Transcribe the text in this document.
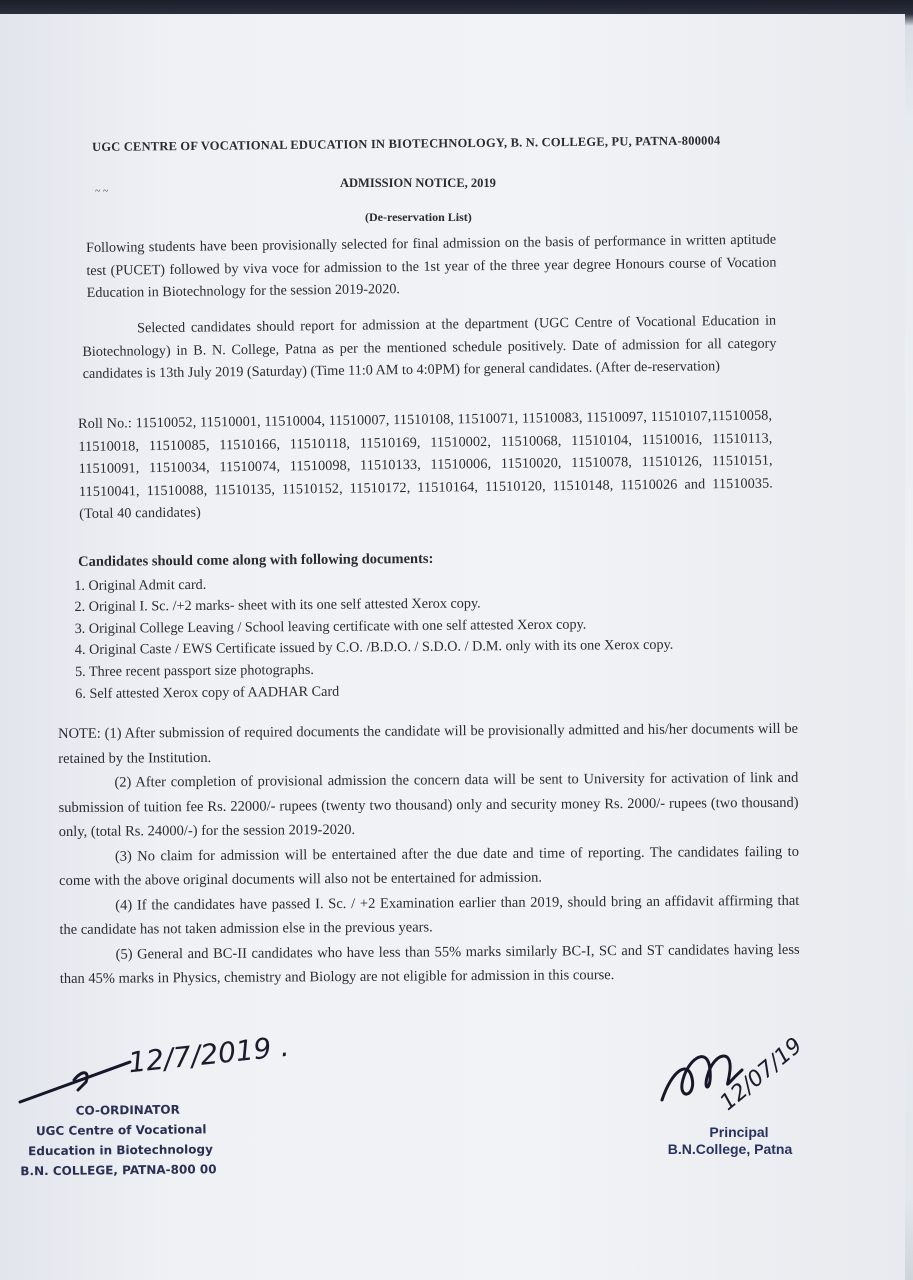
UGC CENTRE OF VOCATIONAL EDUCATION IN BIOTECHNOLOGY, B. N. COLLEGE, PU, PATNA-800004
~ ~
ADMISSION NOTICE, 2019
(De-reservation List)
Following students have been provisionally selected for final admission on the basis of performance in written aptitude test (PUCET) followed by viva voce for admission to the 1st year of the three year degree Honours course of Vocation Education in Biotechnology for the session 2019-2020.
Selected candidates should report for admission at the department (UGC Centre of Vocational Education in Biotechnology) in B. N. College, Patna as per the mentioned schedule positively. Date of admission for all category candidates is 13th July 2019 (Saturday) (Time 11:0 AM to 4:0PM) for general candidates. (After de-reservation)
Roll No.: 11510052, 11510001, 11510004, 11510007, 11510108, 11510071, 11510083, 11510097, 11510107,11510058, 11510018, 11510085, 11510166, 11510118, 11510169, 11510002, 11510068, 11510104, 11510016, 11510113, 11510091, 11510034, 11510074, 11510098, 11510133, 11510006, 11510020, 11510078, 11510126, 11510151, 11510041, 11510088, 11510135, 11510152, 11510172, 11510164, 11510120, 11510148, 11510026 and 11510035. (Total 40 candidates)
Candidates should come along with following documents:

1. Original Admit card.

2. Original I. Sc. /+2 marks- sheet with its one self attested Xerox copy.

3. Original College Leaving / School leaving certificate with one self attested Xerox copy.

4. Original Caste / EWS Certificate issued by C.O. /B.D.O. / S.D.O. / D.M. only with its one Xerox copy.

5. Three recent passport size photographs.

6. Self attested Xerox copy of AADHAR Card

NOTE: (1) After submission of required documents the candidate will be provisionally admitted and his/her documents will be retained by the Institution.

(2) After completion of provisional admission the concern data will be sent to University for activation of link and submission of tuition fee Rs. 22000/- rupees (twenty two thousand) only and security money Rs. 2000/- rupees (two thousand) only, (total Rs. 24000/-) for the session 2019-2020.

(3) No claim for admission will be entertained after the due date and time of reporting. The candidates failing to come with the above original documents will also not be entertained for admission.

(4) If the candidates have passed I. Sc. / +2 Examination earlier than 2019, should bring an affidavit affirming that the candidate has not taken admission else in the previous years.

(5) General and BC-II candidates who have less than 55% marks similarly BC-I, SC and ST candidates having less than 45% marks in Physics, chemistry and Biology are not eligible for admission in this course.

12/7/2019 .
CO-ORDINATOR
UGC Centre of Vocational
Education in Biotechnology
B.N. COLLEGE, PATNA-800 00
12/07/19
Principal
B.N.College, Patna
